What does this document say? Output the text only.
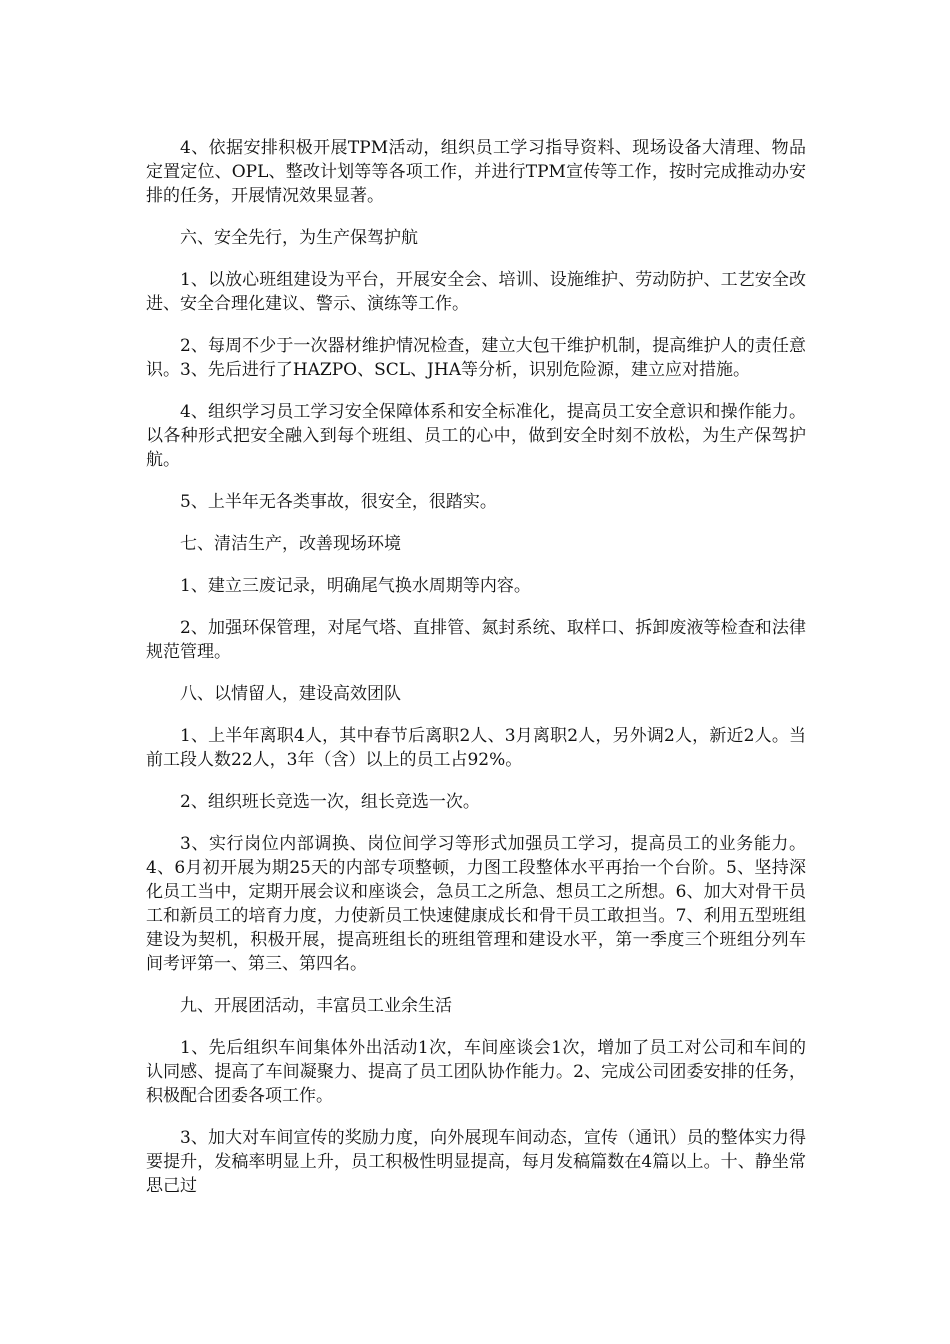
4、依据安排积极开展TPM活动，组织员工学习指导资料、现场设备大清理、物品定置定位、OPL、整改计划等等各项工作，并进行TPM宣传等工作，按时完成推动办安排的任务，开展情况效果显著。

六、安全先行，为生产保驾护航

1、以放心班组建设为平台，开展安全会、培训、设施维护、劳动防护、工艺安全改进、安全合理化建议、警示、演练等工作。

2、每周不少于一次器材维护情况检查，建立大包干维护机制，提高维护人的责任意识。3、先后进行了HAZPO、SCL、JHA等分析，识别危险源，建立应对措施。

4、组织学习员工学习安全保障体系和安全标准化，提高员工安全意识和操作能力。以各种形式把安全融入到每个班组、员工的心中，做到安全时刻不放松，为生产保驾护航。

5、上半年无各类事故，很安全，很踏实。

七、清洁生产，改善现场环境

1、建立三废记录，明确尾气换水周期等内容。

2、加强环保管理，对尾气塔、直排管、氮封系统、取样口、拆卸废液等检查和法律规范管理。

八、以情留人，建设高效团队

1、上半年离职4人，其中春节后离职2人、3月离职2人，另外调2人，新近2人。当前工段人数22人，3年（含）以上的员工占92%。

2、组织班长竞选一次，组长竞选一次。

3、实行岗位内部调换、岗位间学习等形式加强员工学习，提高员工的业务能力。4、6月初开展为期25天的内部专项整顿，力图工段整体水平再抬一个台阶。5、坚持深化员工当中，定期开展会议和座谈会，急员工之所急、想员工之所想。6、加大对骨干员工和新员工的培育力度，力使新员工快速健康成长和骨干员工敢担当。7、利用五型班组建设为契机，积极开展，提高班组长的班组管理和建设水平，第一季度三个班组分列车间考评第一、第三、第四名。

九、开展团活动，丰富员工业余生活

1、先后组织车间集体外出活动1次，车间座谈会1次，增加了员工对公司和车间的认同感、提高了车间凝聚力、提高了员工团队协作能力。2、完成公司团委安排的任务，积极配合团委各项工作。

3、加大对车间宣传的奖励力度，向外展现车间动态，宣传（通讯）员的整体实力得要提升，发稿率明显上升，员工积极性明显提高，每月发稿篇数在4篇以上。十、静坐常思己过
